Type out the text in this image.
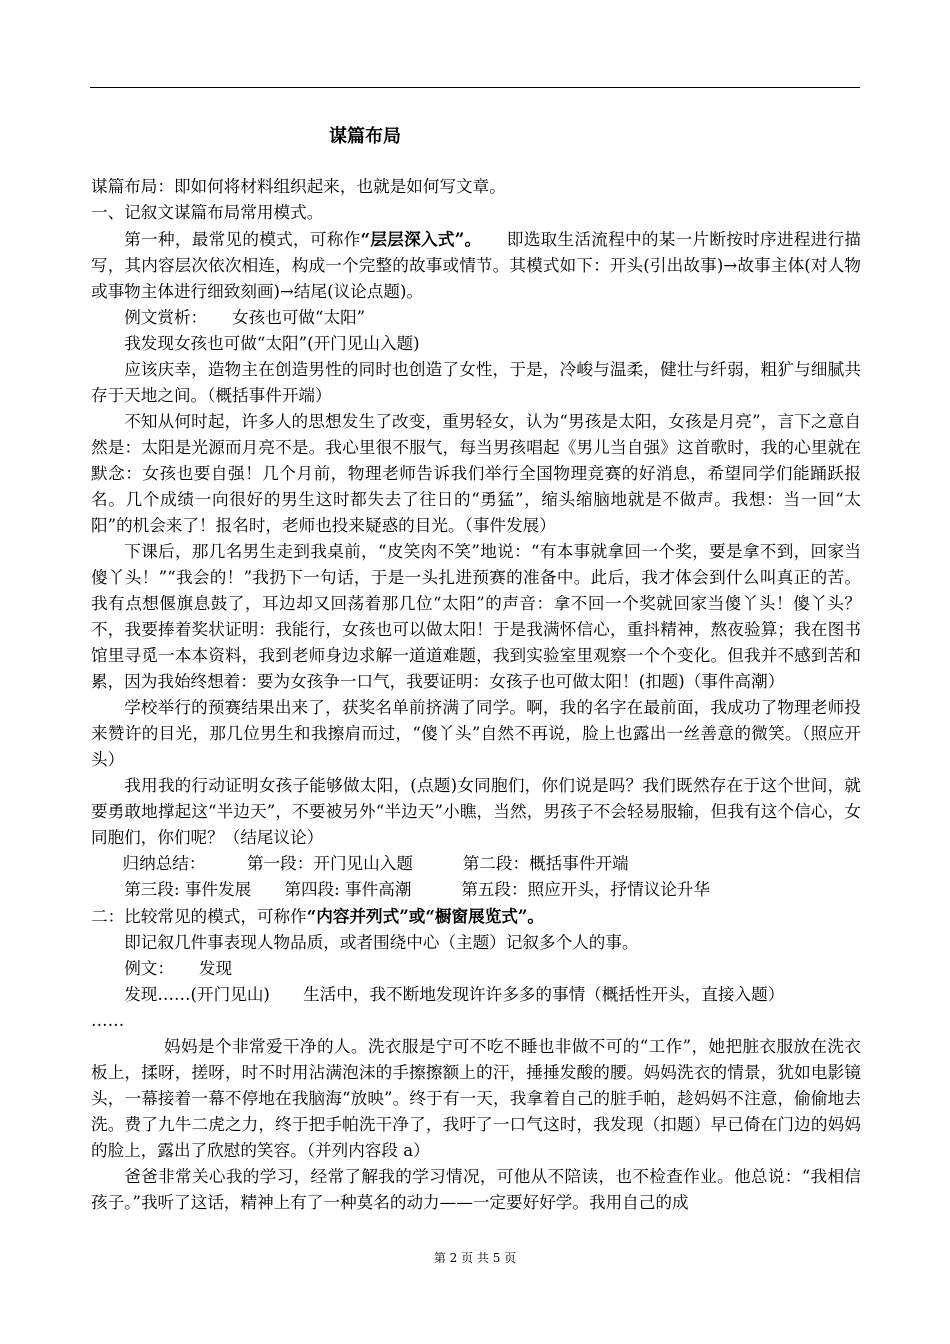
谋篇布局

谋篇布局：即如何将材料组织起来，也就是如何写文章。

一、记叙文谋篇布局常用模式。

第一种，最常见的模式，可称作“层层深入式”。　　即选取生活流程中的某一片断按时序进程进行描写，其内容层次依次相连，构成一个完整的故事或情节。其模式如下：开头(引出故事)→故事主体(对人物或事物主体进行细致刻画)→结尾(议论点题)。

例文赏析：　　女孩也可做“太阳”

我发现女孩也可做“太阳”(开门见山入题)

应该庆幸，造物主在创造男性的同时也创造了女性，于是，冷峻与温柔，健壮与纤弱，粗犷与细腻共存于天地之间。（概括事件开端）

不知从何时起，许多人的思想发生了改变，重男轻女，认为“男孩是太阳，女孩是月亮”，言下之意自然是：太阳是光源而月亮不是。我心里很不服气，每当男孩唱起《男儿当自强》这首歌时，我的心里就在默念：女孩也要自强！几个月前，物理老师告诉我们举行全国物理竞赛的好消息，希望同学们能踊跃报名。几个成绩一向很好的男生这时都失去了往日的“勇猛”，缩头缩脑地就是不做声。我想：当一回“太阳”的机会来了！报名时，老师也投来疑惑的目光。（事件发展）

下课后，那几名男生走到我桌前，“皮笑肉不笑”地说：“有本事就拿回一个奖，要是拿不到，回家当傻丫头！”“我会的！”我扔下一句话，于是一头扎进预赛的准备中。此后，我才体会到什么叫真正的苦。我有点想偃旗息鼓了，耳边却又回荡着那几位“太阳”的声音：拿不回一个奖就回家当傻丫头！傻丫头？不，我要捧着奖状证明：我能行，女孩也可以做太阳！于是我满怀信心，重抖精神，熬夜验算；我在图书馆里寻觅一本本资料，我到老师身边求解一道道难题，我到实验室里观察一个个变化。但我并不感到苦和累，因为我始终想着：要为女孩争一口气，我要证明：女孩子也可做太阳！(扣题)（事件高潮）

学校举行的预赛结果出来了，获奖名单前挤满了同学。啊，我的名字在最前面，我成功了物理老师投来赞许的目光，那几位男生和我擦肩而过，“傻丫头”自然不再说，脸上也露出一丝善意的微笑。（照应开头）

我用我的行动证明女孩子能够做太阳，(点题)女同胞们，你们说是吗？我们既然存在于这个世间，就要勇敢地撑起这“半边天”，不要被另外“半边天”小瞧，当然，男孩子不会轻易服输，但我有这个信心，女同胞们，你们呢？（结尾议论）

归纳总结：　　　第一段：开门见山入题　　　第二段：概括事件开端

第三段: 事件发展　　第四段: 事件高潮　　　第五段：照应开头，抒情议论升华

二：比较常见的模式，可称作“内容并列式”或“橱窗展览式”。

即记叙几件事表现人物品质，或者围绕中心（主题）记叙多个人的事。

例文：　　发现

发现……(开门见山)　　生活中，我不断地发现许许多多的事情（概括性开头，直接入题）

……

妈妈是个非常爱干净的人。洗衣服是宁可不吃不睡也非做不可的“工作”，她把脏衣服放在洗衣板上，揉呀，搓呀，时不时用沾满泡沫的手擦擦额上的汗，捶捶发酸的腰。妈妈洗衣的情景，犹如电影镜头，一幕接着一幕不停地在我脑海“放映”。终于有一天，我拿着自己的脏手帕，趁妈妈不注意，偷偷地去洗。费了九牛二虎之力，终于把手帕洗干净了，我吁了一口气这时，我发现（扣题）早已倚在门边的妈妈的脸上，露出了欣慰的笑容。（并列内容段 a）

爸爸非常关心我的学习，经常了解我的学习情况，可他从不陪读，也不检查作业。他总说：“我相信孩子。”我听了这话，精神上有了一种莫名的动力——一定要好好学。我用自己的成

第 2 页 共 5 页
